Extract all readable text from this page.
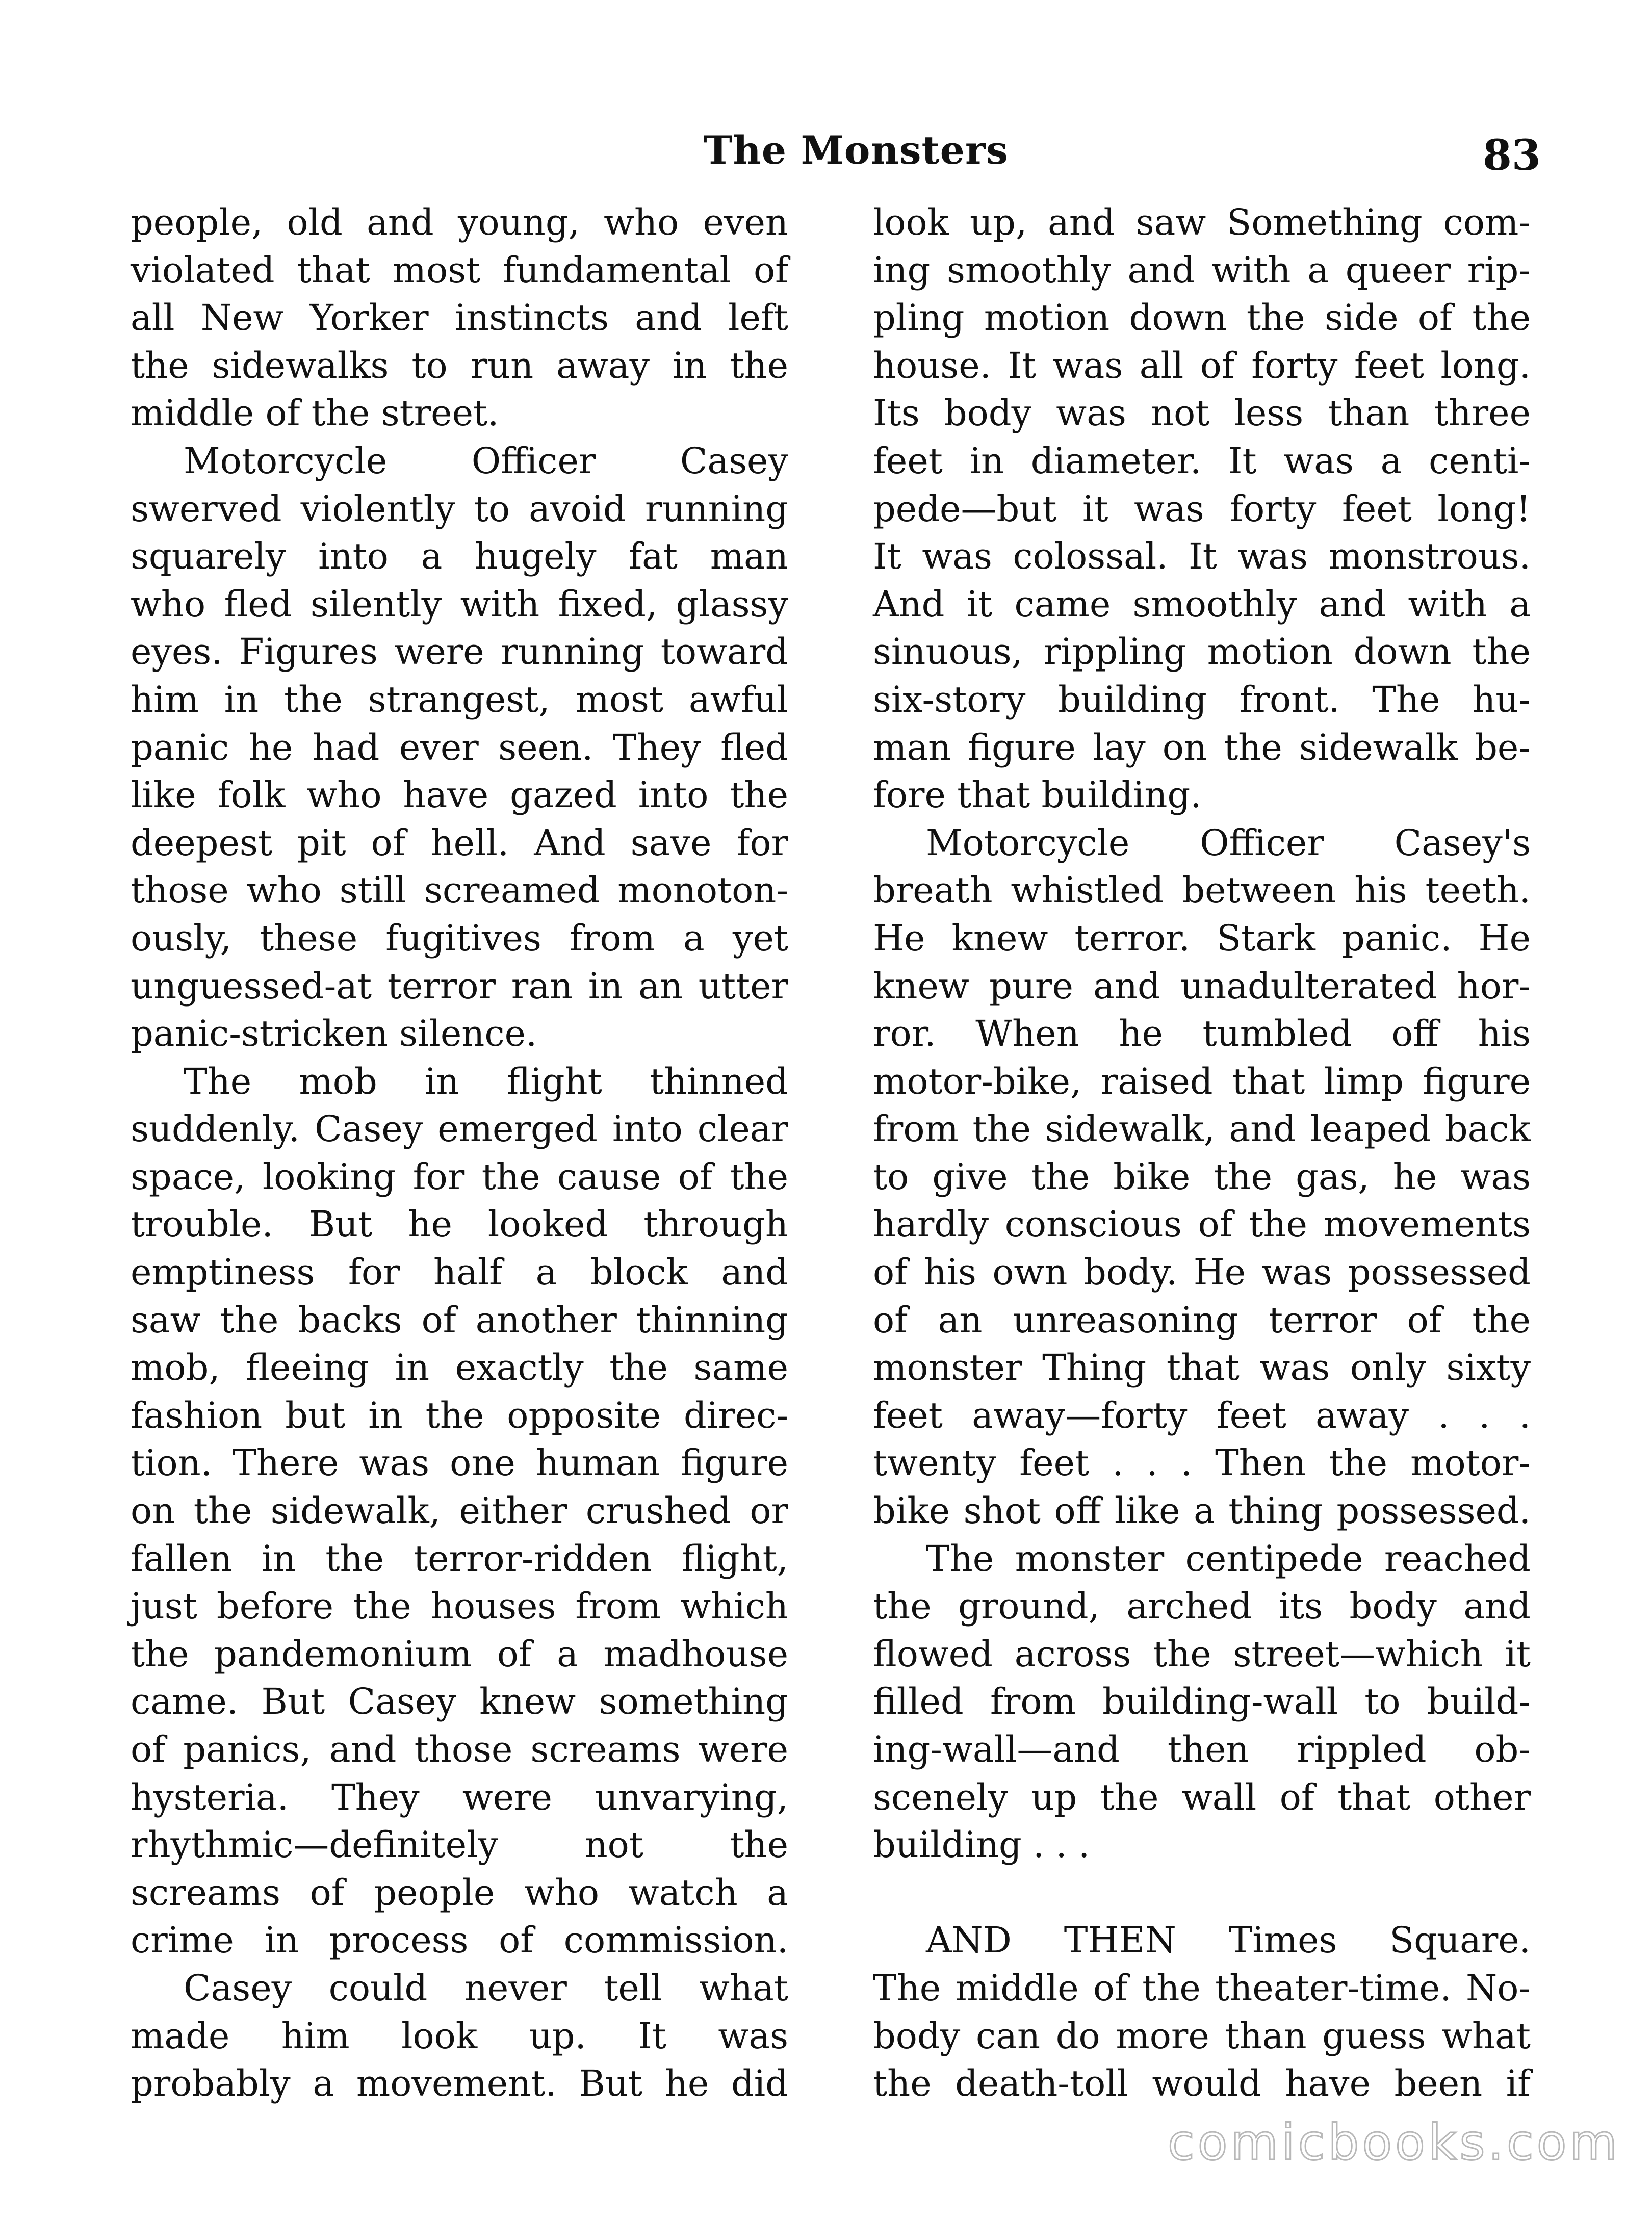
The Monsters	83
people, old and young, who even
violated that most fundamental of
all New Yorker instincts and left
the sidewalks to run away in the
middle of the street.
Motorcycle Officer Casey
swerved violently to avoid running
squarely into a hugely fat man
who fled silently with fixed, glassy
eyes. Figures were running toward
him in the strangest, most awful
panic he had ever seen. They fled
like folk who have gazed into the
deepest pit of hell. And save for
those who still screamed monoton-
ously, these fugitives from a yet
unguessed-at terror ran in an utter
panic-stricken silence.
The mob in flight thinned
suddenly. Casey emerged into clear
space, looking for the cause of the
trouble. But he looked through
emptiness for half a block and
saw the backs of another thinning
mob, fleeing in exactly the same
fashion but in the opposite direc-
tion. There was one human figure
on the sidewalk, either crushed or
fallen in the terror-ridden flight,
just before the houses from which
the pandemonium of a madhouse
came. But Casey knew something
of panics, and those screams were
hysteria. They were unvarying,
rhythmic—definitely not the
screams of people who watch a
crime in process of commission.
Casey could never tell what
made him look up. It was
probably a movement. But he did
look up, and saw Something com-
ing smoothly and with a queer rip-
pling motion down the side of the
house. It was all of forty feet long.
Its body was not less than three
feet in diameter. It was a centi-
pede—but it was forty feet long!
It was colossal. It was monstrous.
And it came smoothly and with a
sinuous, rippling motion down the
six-story building front. The hu-
man figure lay on the sidewalk be-
fore that building.
Motorcycle Officer Casey's
breath whistled between his teeth.
He knew terror. Stark panic. He
knew pure and unadulterated hor-
ror. When he tumbled off his
motor-bike, raised that limp figure
from the sidewalk, and leaped back
to give the bike the gas, he was
hardly conscious of the movements
of his own body. He was possessed
of an unreasoning terror of the
monster Thing that was only sixty
feet away—forty feet away . . .
twenty feet . . . Then the motor-
bike shot off like a thing possessed.
The monster centipede reached
the ground, arched its body and
flowed across the street—which it
filled from building-wall to build-
ing-wall—and then rippled ob-
scenely up the wall of that other
building . . .
AND THEN Times Square.
The middle of the theater-time. No-
body can do more than guess what
the death-toll would have been if
comicbooks.com
